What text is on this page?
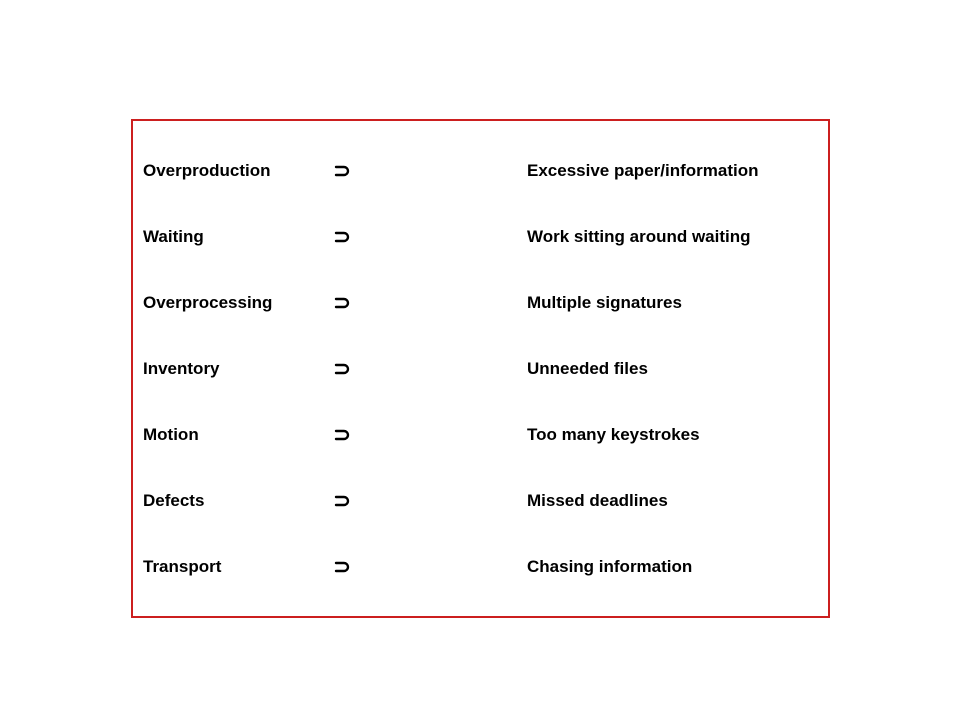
Overproduction	Excessive paper/information
Waiting	Work sitting around waiting
Overprocessing	Multiple signatures
Inventory	Unneeded files
Motion	Too many keystrokes
Defects	Missed deadlines
Transport	Chasing information
